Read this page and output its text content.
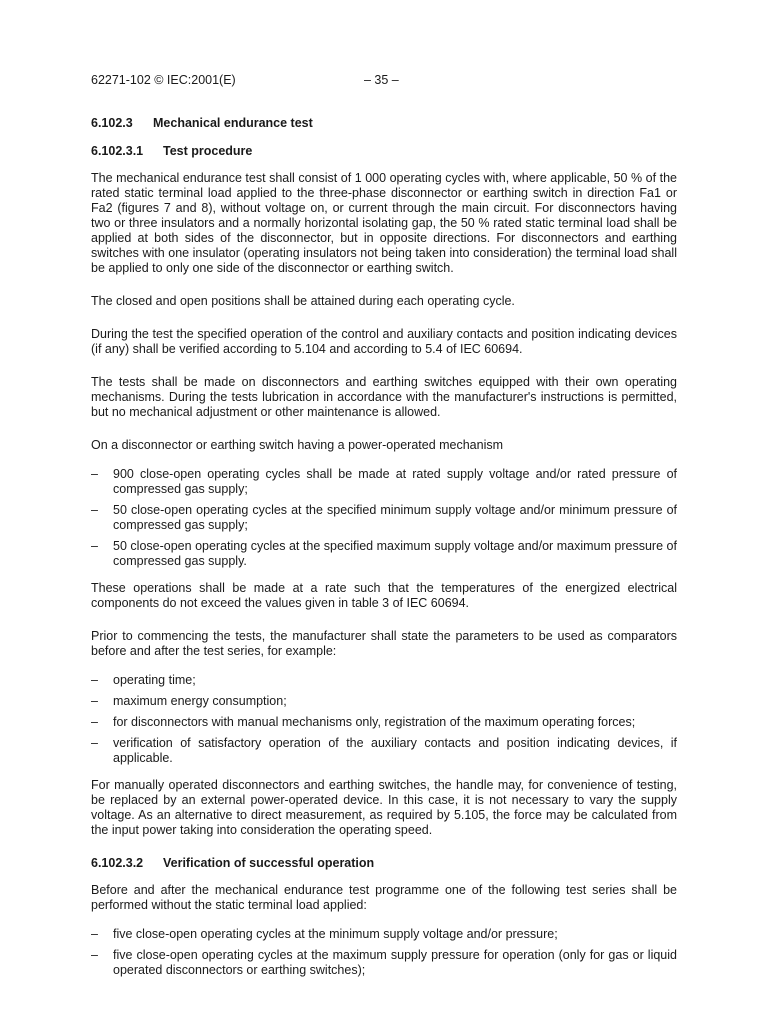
62271-102 © IEC:2001(E)	– 35 –
6.102.3	Mechanical endurance test
6.102.3.1	Test procedure

The mechanical endurance test shall consist of 1 000 operating cycles with, where applicable, 50 % of the rated static terminal load applied to the three-phase disconnector or earthing switch in direction Fa1 or Fa2 (figures 7 and 8), without voltage on, or current through the main circuit. For disconnectors having two or three insulators and a normally horizontal isolating gap, the 50 % rated static terminal load shall be applied at both sides of the disconnector, but in opposite directions. For disconnectors and earthing switches with one insulator (operating insulators not being taken into consideration) the terminal load shall be applied to only one side of the disconnector or earthing switch.

The closed and open positions shall be attained during each operating cycle.

During the test the specified operation of the control and auxiliary contacts and position indicating devices (if any) shall be verified according to 5.104 and according to 5.4 of IEC 60694.

The tests shall be made on disconnectors and earthing switches equipped with their own operating mechanisms. During the tests lubrication in accordance with the manufacturer's instructions is permitted, but no mechanical adjustment or other maintenance is allowed.

On a disconnector or earthing switch having a power-operated mechanism

– 900 close-open operating cycles shall be made at rated supply voltage and/or rated pressure of compressed gas supply;
– 50 close-open operating cycles at the specified minimum supply voltage and/or minimum pressure of compressed gas supply;
– 50 close-open operating cycles at the specified maximum supply voltage and/or maximum pressure of compressed gas supply.

These operations shall be made at a rate such that the temperatures of the energized electrical components do not exceed the values given in table 3 of IEC 60694.

Prior to commencing the tests, the manufacturer shall state the parameters to be used as comparators before and after the test series, for example:

– operating time;
– maximum energy consumption;
– for disconnectors with manual mechanisms only, registration of the maximum operating forces;
– verification of satisfactory operation of the auxiliary contacts and position indicating devices, if applicable.

For manually operated disconnectors and earthing switches, the handle may, for convenience of testing, be replaced by an external power-operated device. In this case, it is not necessary to vary the supply voltage. As an alternative to direct measurement, as required by 5.105, the force may be calculated from the input power taking into consideration the operating speed.

6.102.3.2	Verification of successful operation

Before and after the mechanical endurance test programme one of the following test series shall be performed without the static terminal load applied:

– five close-open operating cycles at the minimum supply voltage and/or pressure;
– five close-open operating cycles at the maximum supply pressure for operation (only for gas or liquid operated disconnectors or earthing switches);
